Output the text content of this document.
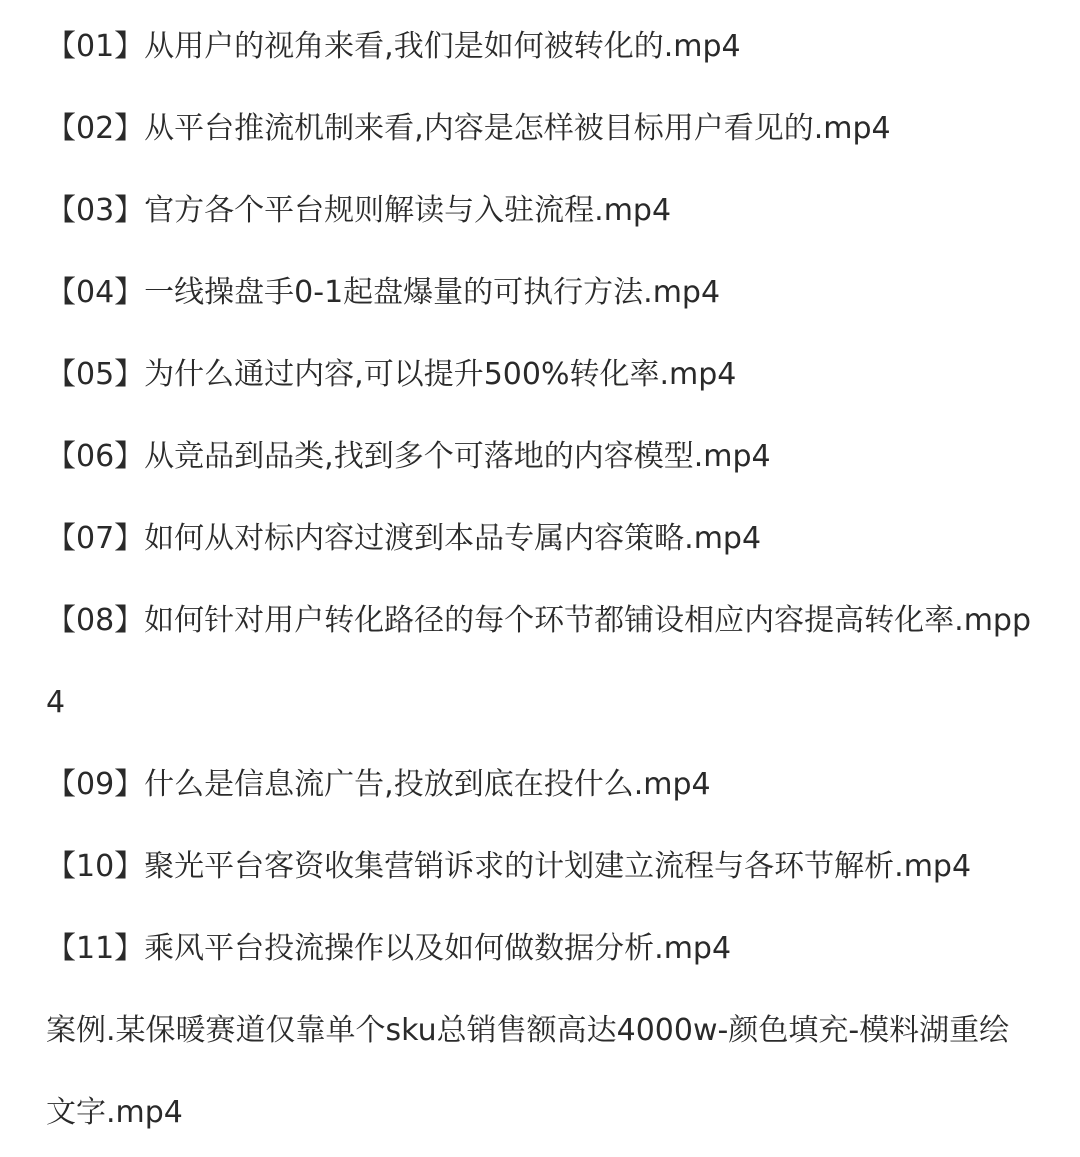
【01】从用户的视角来看,我们是如何被转化的.mp4
【02】从平台推流机制来看,内容是怎样被目标用户看见的.mp4
【03】官方各个平台规则解读与入驻流程.mp4
【04】一线操盘手0-1起盘爆量的可执行方法.mp4
【05】为什么通过内容,可以提升500%转化率.mp4
【06】从竞品到品类,找到多个可落地的内容模型.mp4
【07】如何从对标内容过渡到本品专属内容策略.mp4
【08】如何针对用户转化路径的每个环节都铺设相应内容提高转化率.mpp
4
【09】什么是信息流广告,投放到底在投什么.mp4
【10】聚光平台客资收集营销诉求的计划建立流程与各环节解析.mp4
【11】乘风平台投流操作以及如何做数据分析.mp4
案例.某保暖赛道仅靠单个sku总销售额高达4000w-颜色填充-模料湖重绘
文字.mp4
